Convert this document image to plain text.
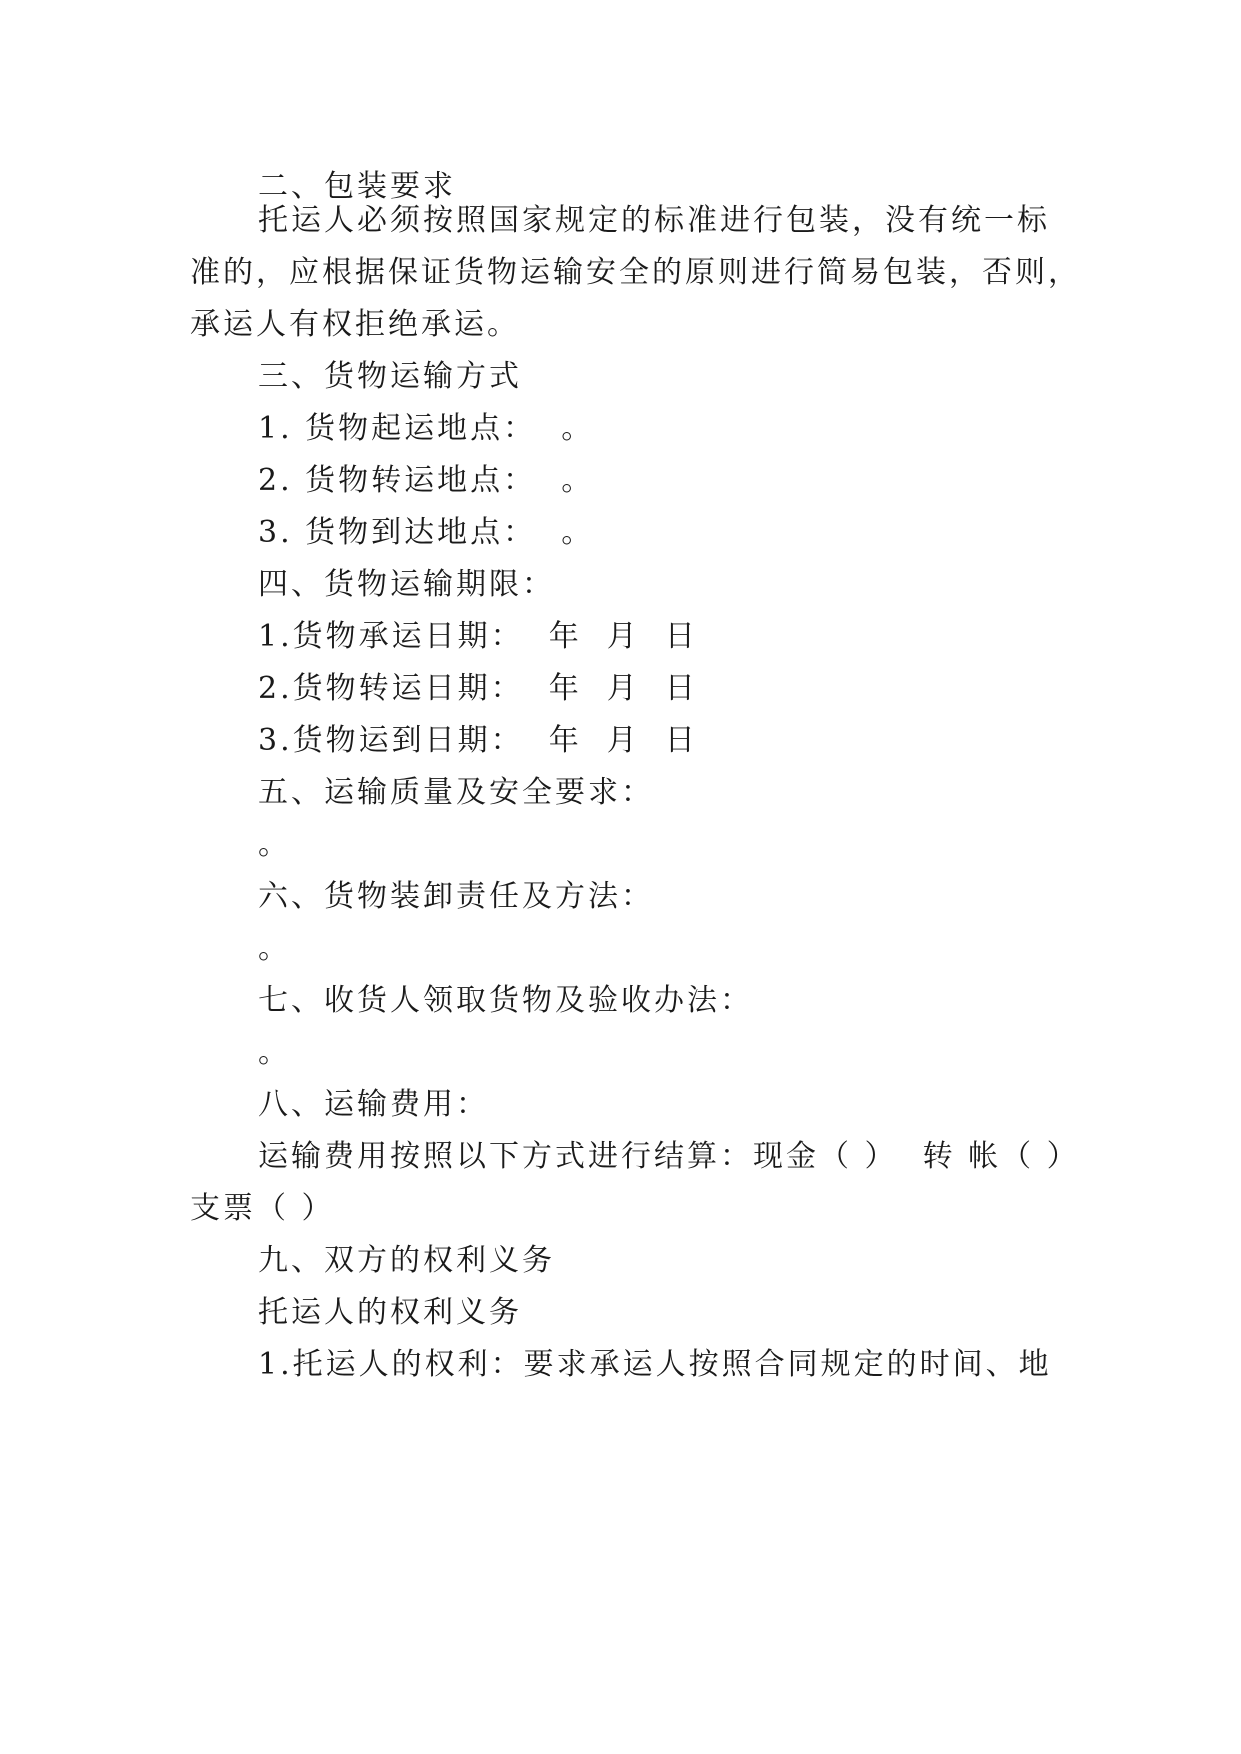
二、包装要求
托运人必须按照国家规定的标准进行包装，没有统一标
准的，应根据保证货物运输安全的原则进行简易包装，否则，
承运人有权拒绝承运。
三、货物运输方式
1. 货物起运地点：  。
2. 货物转运地点：  。
3. 货物到达地点：  。
四、货物运输期限：
1.货物承运日期：  年  月  日
2.货物转运日期：  年  月  日
3.货物运到日期：  年  月  日
五、运输质量及安全要求：
。
六、货物装卸责任及方法：
。
七、收货人领取货物及验收办法：
。
八、运输费用：
运输费用按照以下方式进行结算：现金（ ）  转 帐（ ）
支票（ ）
九、双方的权利义务
托运人的权利义务
1.托运人的权利：要求承运人按照合同规定的时间、地
